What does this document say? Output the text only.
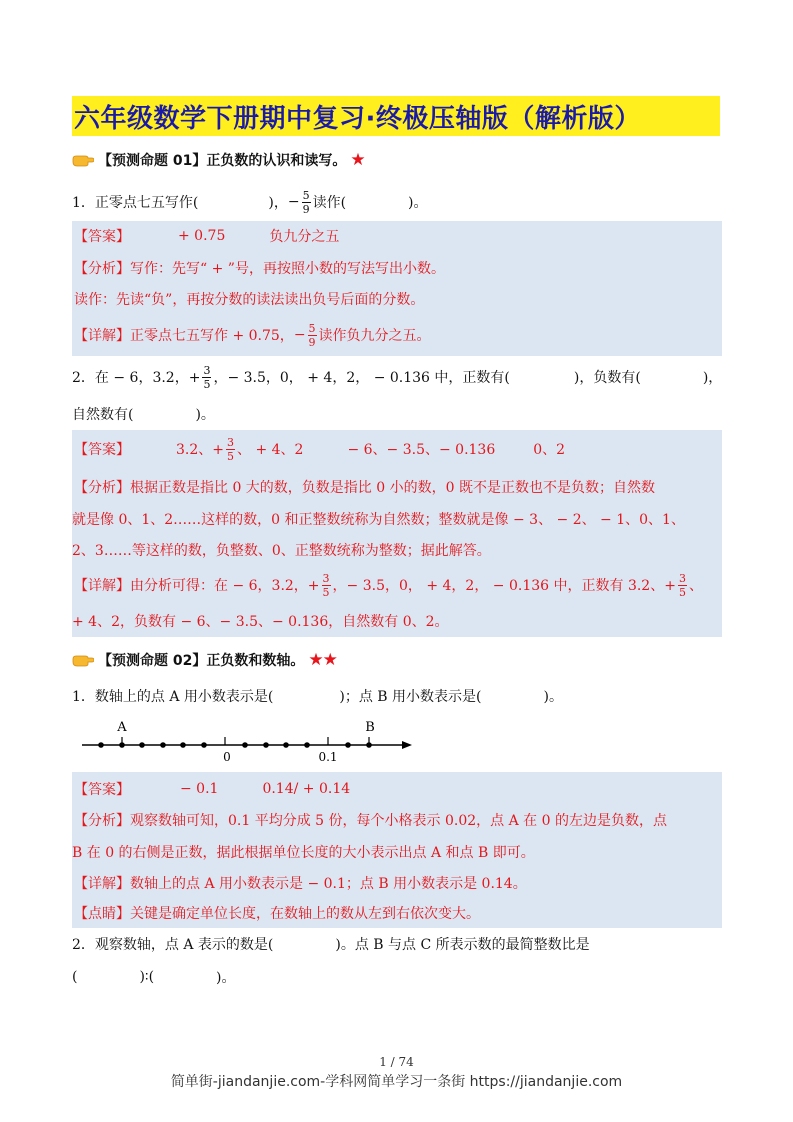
六年级数学下册期中复习·终极压轴版（解析版）
【预测命题 01】正负数的认识和读写。 ★
1．正零点七五写作(	)， − $\frac{5}{9}$ 读作(	)。
【答案】	+ 0.75	负九分之五
【分析】 写作：先写“ + ”号，再按照小数的写法写出小数。
读作：先读“负”，再按分数的读法读出负号后面的分数。
【详解】 正零点七五写作 + 0.75， − $\frac{5}{9}$ 读作负九分之五。
2．在 − 6，3.2，+ $\frac{3}{5}$ ，− 3.5，0， + 4，2， − 0.136 中，正数有(	)，负数有(	)，
自然数有(	)。
【答案】	3.2、+ $\frac{3}{5}$ 、 + 4、2	− 6、− 3.5、− 0.136	0、2
【分析】 根据正数是指比 0 大的数，负数是指比 0 小的数，0 既不是正数也不是负数；自然数
就是像 0、1、2……这样的数，0 和正整数统称为自然数；整数就是像 − 3、 − 2、 − 1、0、1、
2、3……等这样的数，负整数、0、正整数统称为整数；据此解答。
【详解】 由分析可得：在 − 6，3.2，+ $\frac{3}{5}$ ，− 3.5，0， + 4，2， − 0.136 中，正数有 3.2、+ $\frac{3}{5}$ 、
+ 4、2，负数有 − 6、− 3.5、− 0.136，自然数有 0、2。
【预测命题 02】正负数和数轴。 ★★
1．数轴上的点 A 用小数表示是(	)；点 B 用小数表示是(	)。
A	B
0	0.1
【答案】	− 0.1	0.14/ + 0.14
【分析】 观察数轴可知，0.1 平均分成 5 份，每个小格表示 0.02，点 A 在 0 的左边是负数，点
B 在 0 的右侧是正数，据此根据单位长度的大小表示出点 A 和点 B 即可。
【详解】 数轴上的点 A 用小数表示是 − 0.1；点 B 用小数表示是 0.14。
【点睛】 关键是确定单位长度，在数轴上的数从左到右依次变大。
2．观察数轴，点 A 表示的数是(	)。点 B 与点 C 所表示数的最简整数比是
(	)∶(	)。
1 / 74
简单街-jiandanjie.com-学科网简单学习一条街 https://jiandanjie.com
